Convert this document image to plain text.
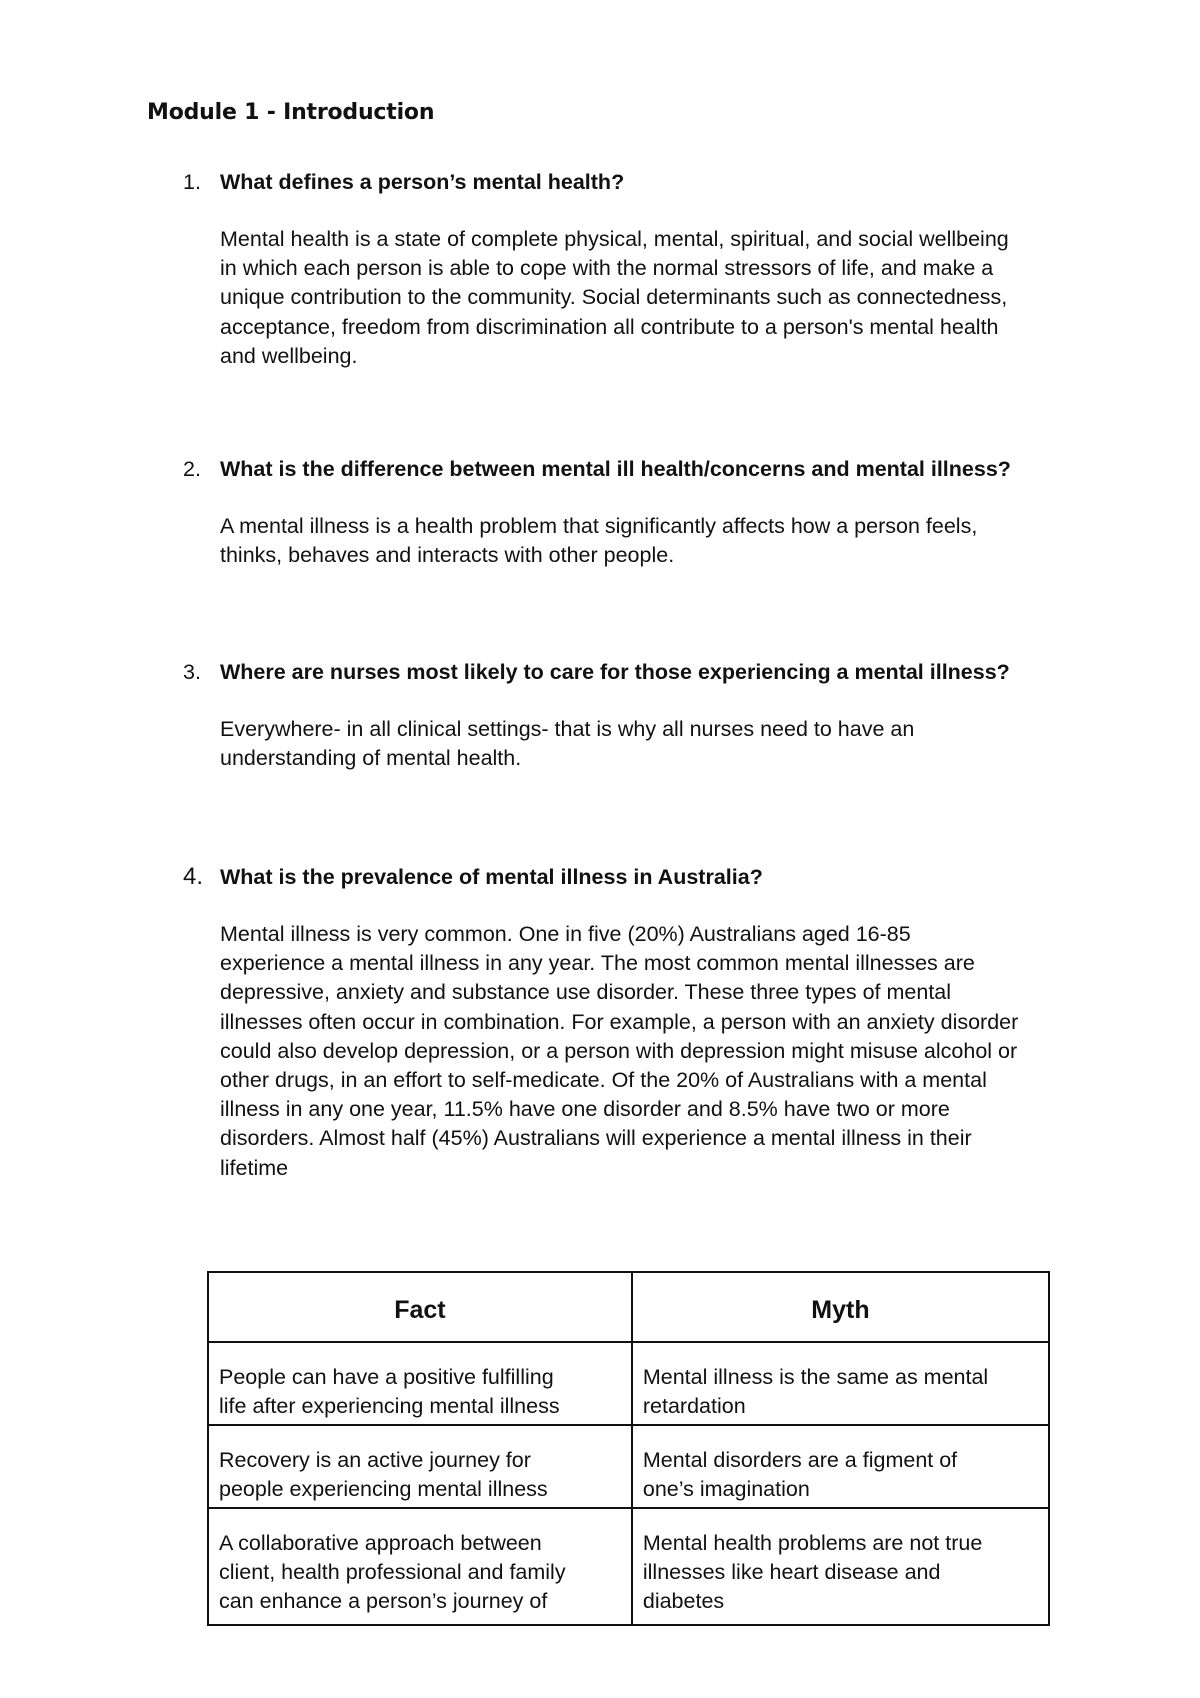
Module 1 - Introduction
1. What defines a person’s mental health?
Mental health is a state of complete physical, mental, spiritual, and social wellbeing
in which each person is able to cope with the normal stressors of life, and make a
unique contribution to the community. Social determinants such as connectedness,
acceptance, freedom from discrimination all contribute to a person's mental health
and wellbeing.
2. What is the difference between mental ill health/concerns and mental illness?
A mental illness is a health problem that significantly affects how a person feels,
thinks, behaves and interacts with other people.
3. Where are nurses most likely to care for those experiencing a mental illness?
Everywhere- in all clinical settings- that is why all nurses need to have an
understanding of mental health.
4. What is the prevalence of mental illness in Australia?
Mental illness is very common. One in five (20%) Australians aged 16-85
experience a mental illness in any year. The most common mental illnesses are
depressive, anxiety and substance use disorder. These three types of mental
illnesses often occur in combination. For example, a person with an anxiety disorder
could also develop depression, or a person with depression might misuse alcohol or
other drugs, in an effort to self-medicate. Of the 20% of Australians with a mental
illness in any one year, 11.5% have one disorder and 8.5% have two or more
disorders. Almost half (45%) Australians will experience a mental illness in their
lifetime
Fact	Myth

People can have a positive fulfilling
life after experiencing mental illness	Mental illness is the same as mental
retardation

Recovery is an active journey for
people experiencing mental illness	Mental disorders are a figment of
one’s imagination

A collaborative approach between
client, health professional and family
can enhance a person’s journey of	Mental health problems are not true
illnesses like heart disease and
diabetes
